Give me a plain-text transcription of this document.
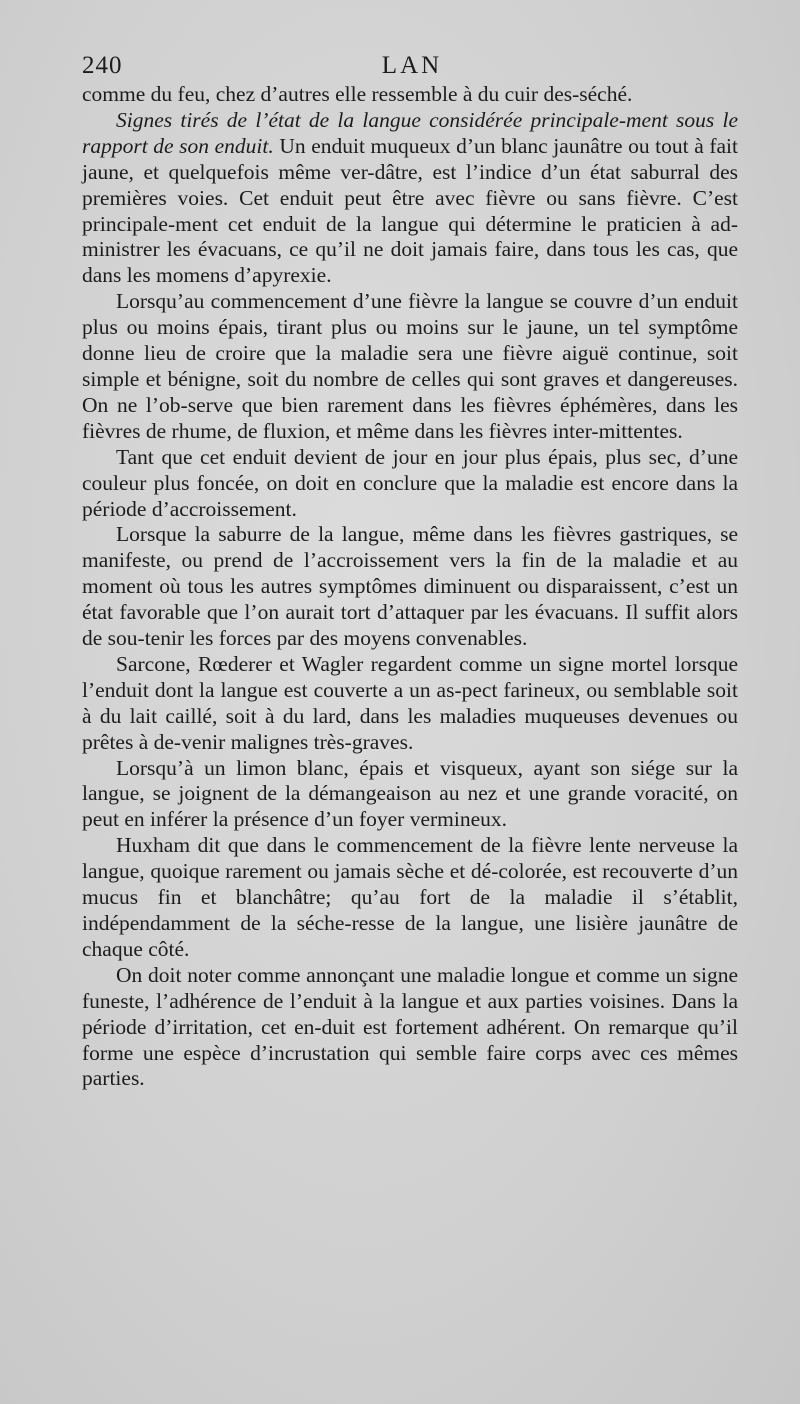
240	LAN

comme du feu, chez d’autres elle ressemble à du cuir des-séché.

Signes tirés de l’état de la langue considérée principale-ment sous le rapport de son enduit. Un enduit muqueux d’un blanc jaunâtre ou tout à fait jaune, et quelquefois même ver-dâtre, est l’indice d’un état saburral des premières voies. Cet enduit peut être avec fièvre ou sans fièvre. C’est principale-ment cet enduit de la langue qui détermine le praticien à ad-ministrer les évacuans, ce qu’il ne doit jamais faire, dans tous les cas, que dans les momens d’apyrexie.

Lorsqu’au commencement d’une fièvre la langue se couvre d’un enduit plus ou moins épais, tirant plus ou moins sur le jaune, un tel symptôme donne lieu de croire que la maladie sera une fièvre aiguë continue, soit simple et bénigne, soit du nombre de celles qui sont graves et dangereuses. On ne l’ob-serve que bien rarement dans les fièvres éphémères, dans les fièvres de rhume, de fluxion, et même dans les fièvres inter-mittentes.

Tant que cet enduit devient de jour en jour plus épais, plus sec, d’une couleur plus foncée, on doit en conclure que la maladie est encore dans la période d’accroissement.

Lorsque la saburre de la langue, même dans les fièvres gastriques, se manifeste, ou prend de l’accroissement vers la fin de la maladie et au moment où tous les autres symptômes diminuent ou disparaissent, c’est un état favorable que l’on aurait tort d’attaquer par les évacuans. Il suffit alors de sou-tenir les forces par des moyens convenables.

Sarcone, Rœderer et Wagler regardent comme un signe mortel lorsque l’enduit dont la langue est couverte a un as-pect farineux, ou semblable soit à du lait caillé, soit à du lard, dans les maladies muqueuses devenues ou prêtes à de-venir malignes très-graves.

Lorsqu’à un limon blanc, épais et visqueux, ayant son siége sur la langue, se joignent de la démangeaison au nez et une grande voracité, on peut en inférer la présence d’un foyer vermineux.

Huxham dit que dans le commencement de la fièvre lente nerveuse la langue, quoique rarement ou jamais sèche et dé-colorée, est recouverte d’un mucus fin et blanchâtre; qu’au fort de la maladie il s’établit, indépendamment de la séche-resse de la langue, une lisière jaunâtre de chaque côté.

On doit noter comme annonçant une maladie longue et comme un signe funeste, l’adhérence de l’enduit à la langue et aux parties voisines. Dans la période d’irritation, cet en-duit est fortement adhérent. On remarque qu’il forme une espèce d’incrustation qui semble faire corps avec ces mêmes parties.
